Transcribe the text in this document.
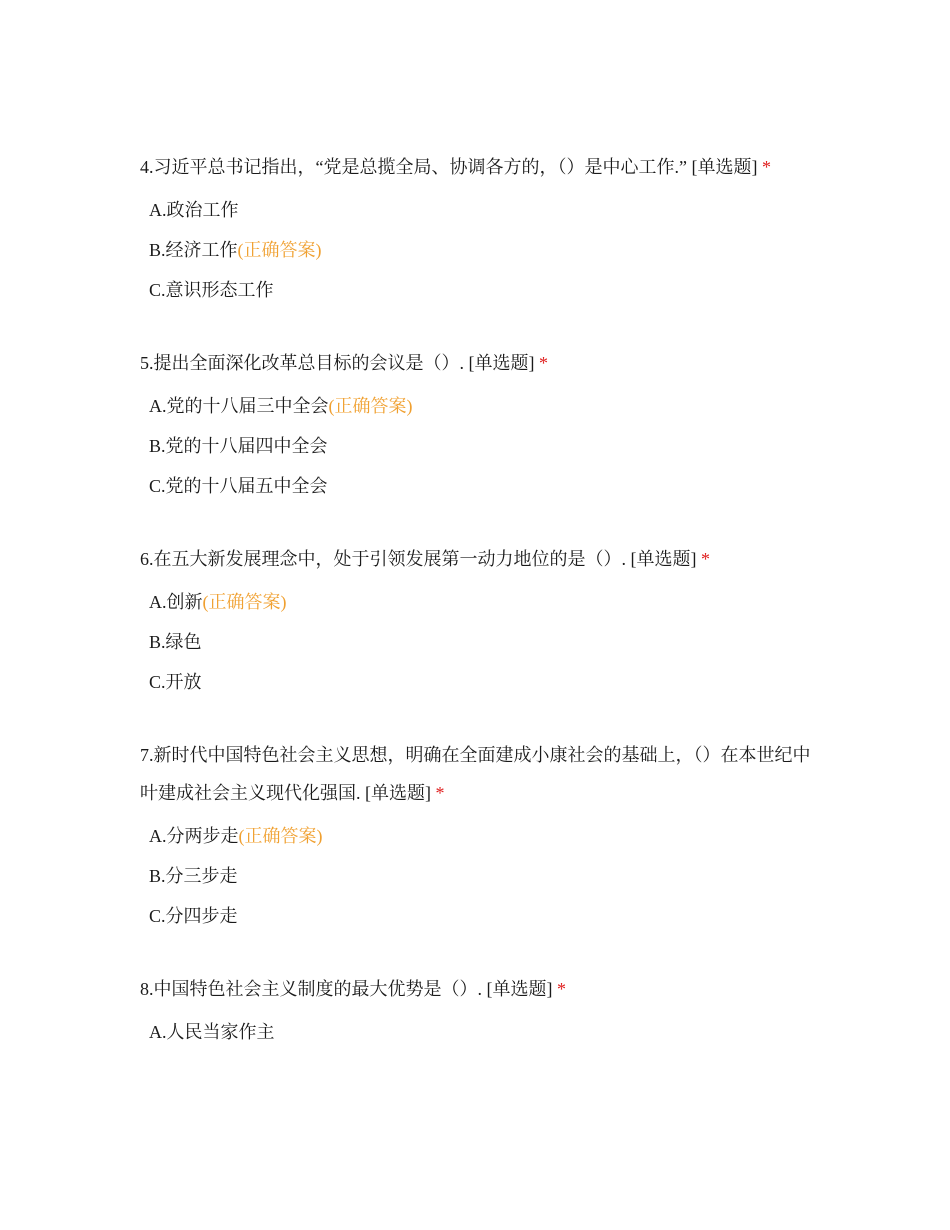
4.习近平总书记指出，“党是总揽全局、协调各方的，（）是中心工作.” [单选题] *

A.政治工作
B.经济工作(正确答案)
C.意识形态工作

5.提出全面深化改革总目标的会议是（）. [单选题] *

A.党的十八届三中全会(正确答案)
B.党的十八届四中全会
C.党的十八届五中全会

6.在五大新发展理念中，处于引领发展第一动力地位的是（）. [单选题] *

A.创新(正确答案)
B.绿色
C.开放

7.新时代中国特色社会主义思想，明确在全面建成小康社会的基础上，（）在本世纪中叶建成社会主义现代化强国. [单选题] *

A.分两步走(正确答案)
B.分三步走
C.分四步走

8.中国特色社会主义制度的最大优势是（）. [单选题] *

A.人民当家作主
